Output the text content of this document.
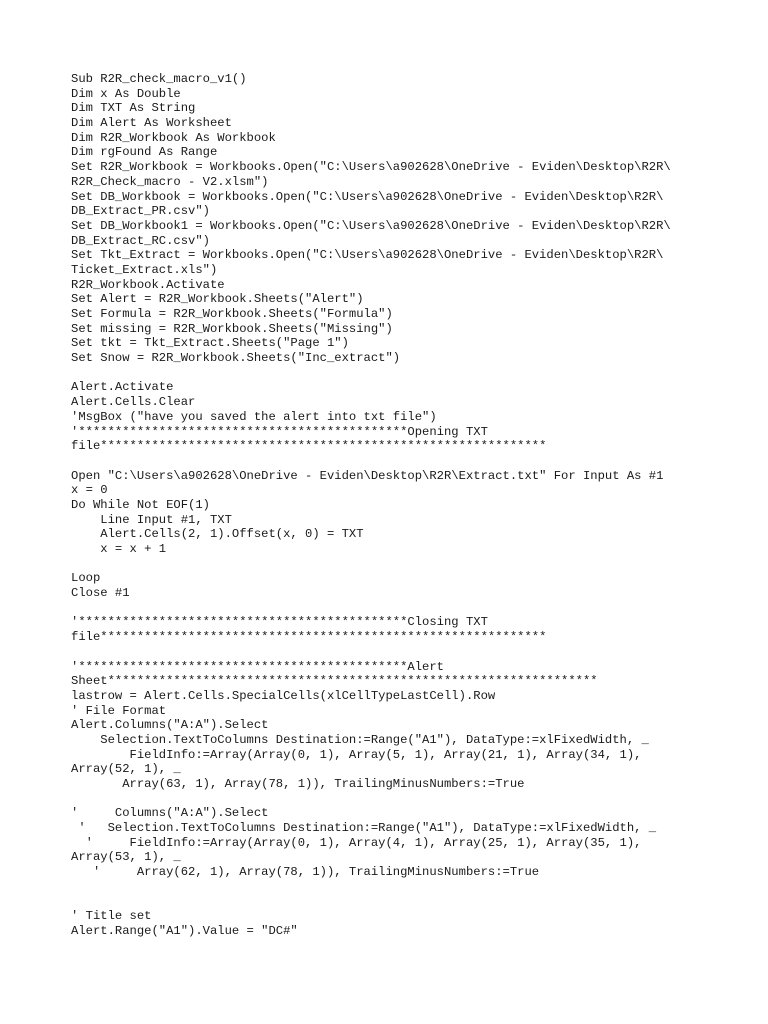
Sub R2R_check_macro_v1()
Dim x As Double
Dim TXT As String
Dim Alert As Worksheet
Dim R2R_Workbook As Workbook
Dim rgFound As Range
Set R2R_Workbook = Workbooks.Open("C:\Users\a902628\OneDrive - Eviden\Desktop\R2R\
R2R_Check_macro - V2.xlsm")
Set DB_Workbook = Workbooks.Open("C:\Users\a902628\OneDrive - Eviden\Desktop\R2R\
DB_Extract_PR.csv")
Set DB_Workbook1 = Workbooks.Open("C:\Users\a902628\OneDrive - Eviden\Desktop\R2R\
DB_Extract_RC.csv")
Set Tkt_Extract = Workbooks.Open("C:\Users\a902628\OneDrive - Eviden\Desktop\R2R\
Ticket_Extract.xls")
R2R_Workbook.Activate
Set Alert = R2R_Workbook.Sheets("Alert")
Set Formula = R2R_Workbook.Sheets("Formula")
Set missing = R2R_Workbook.Sheets("Missing")
Set tkt = Tkt_Extract.Sheets("Page 1")
Set Snow = R2R_Workbook.Sheets("Inc_extract")
Alert.Activate
Alert.Cells.Clear
'MsgBox ("have you saved the alert into txt file")
'*********************************************Opening TXT
file*************************************************************
Open "C:\Users\a902628\OneDrive - Eviden\Desktop\R2R\Extract.txt" For Input As #1
x = 0
Do While Not EOF(1)
Line Input #1, TXT
Alert.Cells(2, 1).Offset(x, 0) = TXT
x = x + 1
Loop
Close #1
'*********************************************Closing TXT
file*************************************************************
'*********************************************Alert
Sheet*******************************************************************
lastrow = Alert.Cells.SpecialCells(xlCellTypeLastCell).Row
' File Format
Alert.Columns("A:A").Select
Selection.TextToColumns Destination:=Range("A1"), DataType:=xlFixedWidth, _
FieldInfo:=Array(Array(0, 1), Array(5, 1), Array(21, 1), Array(34, 1),
Array(52, 1), _
Array(63, 1), Array(78, 1)), TrailingMinusNumbers:=True
'     Columns("A:A").Select
'   Selection.TextToColumns Destination:=Range("A1"), DataType:=xlFixedWidth, _
'     FieldInfo:=Array(Array(0, 1), Array(4, 1), Array(25, 1), Array(35, 1),
Array(53, 1), _
'     Array(62, 1), Array(78, 1)), TrailingMinusNumbers:=True
' Title set
Alert.Range("A1").Value = "DC#"
